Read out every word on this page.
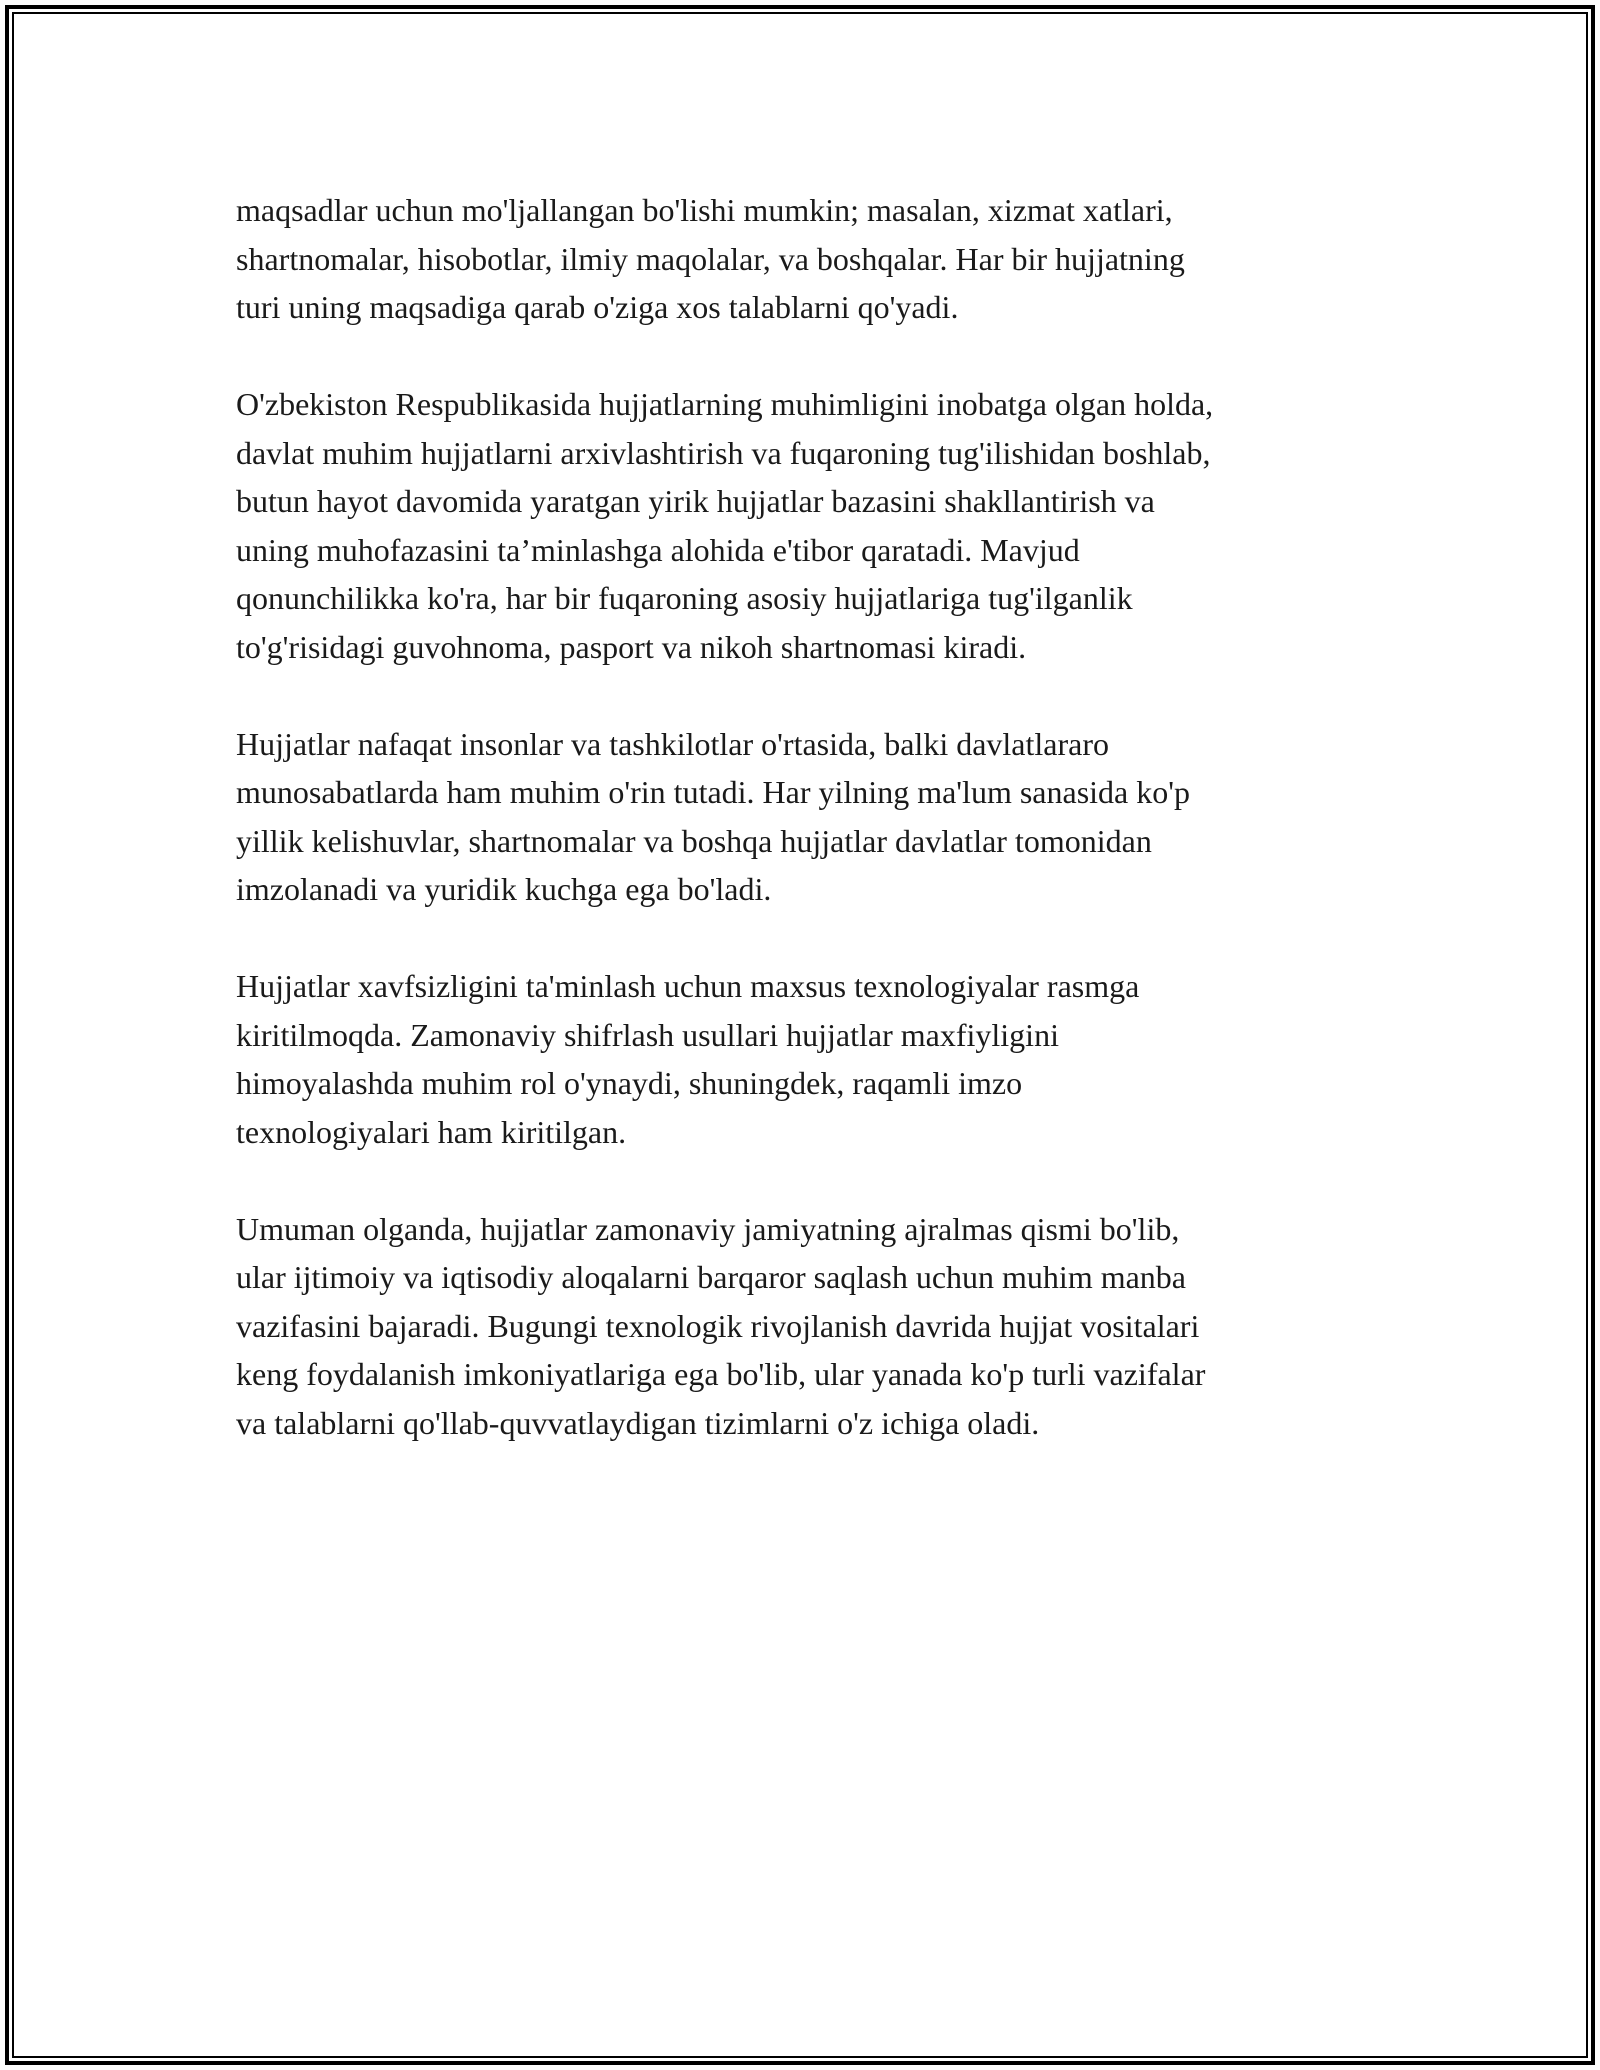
maqsadlar uchun mo'ljallangan bo'lishi mumkin; masalan, xizmat xatlari,
shartnomalar, hisobotlar, ilmiy maqolalar, va boshqalar. Har bir hujjatning
turi uning maqsadiga qarab o'ziga xos talablarni qo'yadi.

O'zbekiston Respublikasida hujjatlarning muhimligini inobatga olgan holda,
davlat muhim hujjatlarni arxivlashtirish va fuqaroning tug'ilishidan boshlab,
butun hayot davomida yaratgan yirik hujjatlar bazasini shakllantirish va
uning muhofazasini ta’minlashga alohida e'tibor qaratadi. Mavjud
qonunchilikka ko'ra, har bir fuqaroning asosiy hujjatlariga tug'ilganlik
to'g'risidagi guvohnoma, pasport va nikoh shartnomasi kiradi.

Hujjatlar nafaqat insonlar va tashkilotlar o'rtasida, balki davlatlararo
munosabatlarda ham muhim o'rin tutadi. Har yilning ma'lum sanasida ko'p
yillik kelishuvlar, shartnomalar va boshqa hujjatlar davlatlar tomonidan
imzolanadi va yuridik kuchga ega bo'ladi.

Hujjatlar xavfsizligini ta'minlash uchun maxsus texnologiyalar rasmga
kiritilmoqda. Zamonaviy shifrlash usullari hujjatlar maxfiyligini
himoyalashda muhim rol o'ynaydi, shuningdek, raqamli imzo
texnologiyalari ham kiritilgan.

Umuman olganda, hujjatlar zamonaviy jamiyatning ajralmas qismi bo'lib,
ular ijtimoiy va iqtisodiy aloqalarni barqaror saqlash uchun muhim manba
vazifasini bajaradi. Bugungi texnologik rivojlanish davrida hujjat vositalari
keng foydalanish imkoniyatlariga ega bo'lib, ular yanada ko'p turli vazifalar
va talablarni qo'llab-quvvatlaydigan tizimlarni o'z ichiga oladi.
